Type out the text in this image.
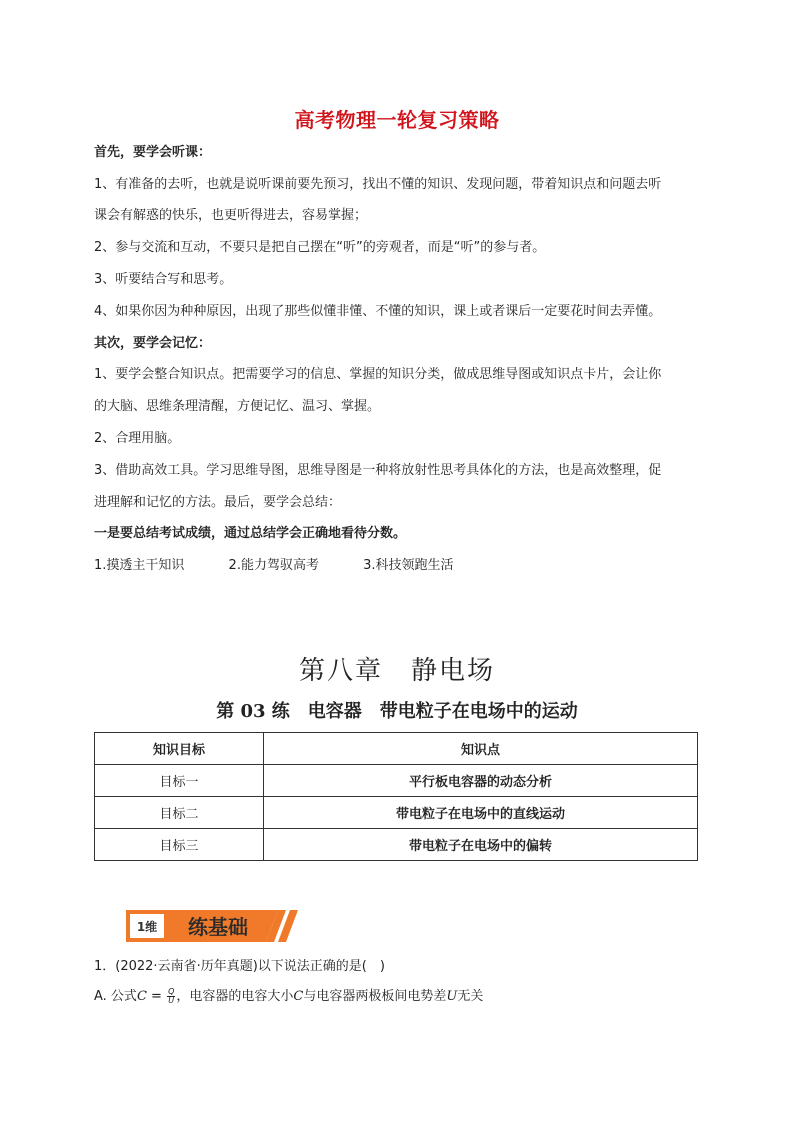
高考物理一轮复习策略
首先，要学会听课：
1、有准备的去听，也就是说听课前要先预习，找出不懂的知识、发现问题，带着知识点和问题去听
课会有解惑的快乐，也更听得进去，容易掌握；
2、参与交流和互动，不要只是把自己摆在“听”的旁观者，而是“听”的参与者。
3、听要结合写和思考。
4、如果你因为种种原因，出现了那些似懂非懂、不懂的知识，课上或者课后一定要花时间去弄懂。
其次，要学会记忆：
1、要学会整合知识点。把需要学习的信息、掌握的知识分类，做成思维导图或知识点卡片，会让你
的大脑、思维条理清醒，方便记忆、温习、掌握。
2、合理用脑。
3、借助高效工具。学习思维导图，思维导图是一种将放射性思考具体化的方法，也是高效整理，促
进理解和记忆的方法。最后，要学会总结：
一是要总结考试成绩，通过总结学会正确地看待分数。
1.摸透主干知识	2.能力驾驭高考	3.科技领跑生活
第八章　静电场
第 03 练　电容器　带电粒子在电场中的运动
知识目标	知识点
目标一	平行板电容器的动态分析
目标二	带电粒子在电场中的直线运动
目标三	带电粒子在电场中的偏转
1维 练基础
1．(2022·云南省·历年真题)以下说法正确的是(　)
A. 公式$C = \frac{Q}{U}$ ，电容器的电容大小C与电容器两极板间电势差U无关
